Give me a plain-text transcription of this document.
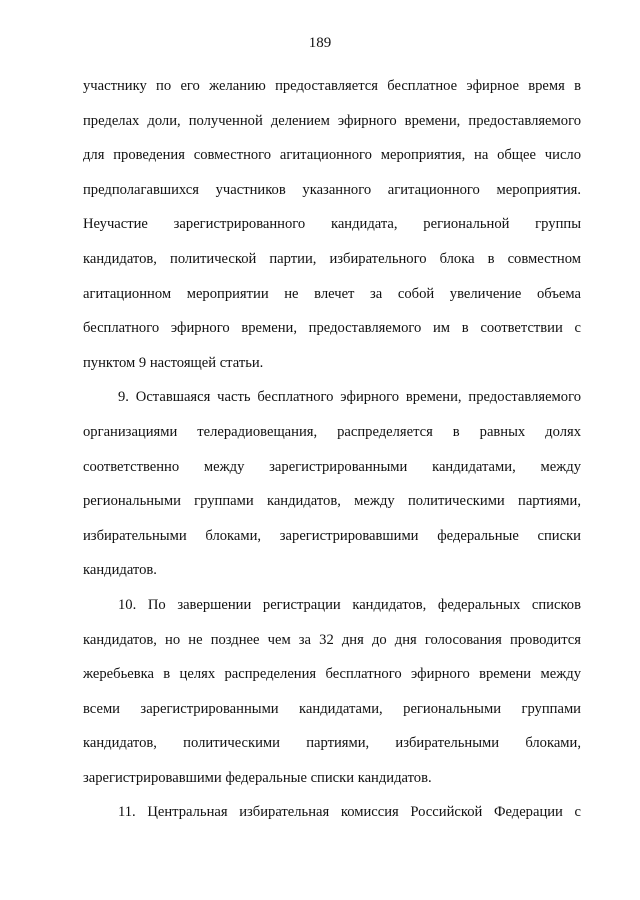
189
участнику по его желанию предоставляется бесплатное эфирное время в
пределах доли, полученной делением эфирного времени, предоставляемого
для проведения совместного агитационного мероприятия, на общее число
предполагавшихся участников указанного агитационного мероприятия.
Неучастие зарегистрированного кандидата, региональной группы
кандидатов, политической партии, избирательного блока в совместном
агитационном мероприятии не влечет за собой увеличение объема
бесплатного эфирного времени, предоставляемого им в соответствии с
пунктом 9 настоящей статьи.
9. Оставшаяся часть бесплатного эфирного времени, предоставляемого
организациями телерадиовещания, распределяется в равных долях
соответственно между зарегистрированными кандидатами, между
региональными группами кандидатов, между политическими партиями,
избирательными блоками, зарегистрировавшими федеральные списки
кандидатов.
10. По завершении регистрации кандидатов, федеральных списков
кандидатов, но не позднее чем за 32 дня до дня голосования проводится
жеребьевка в целях распределения бесплатного эфирного времени между
всеми зарегистрированными кандидатами, региональными группами
кандидатов, политическими партиями, избирательными блоками,
зарегистрировавшими федеральные списки кандидатов.
11. Центральная избирательная комиссия Российской Федерации с
